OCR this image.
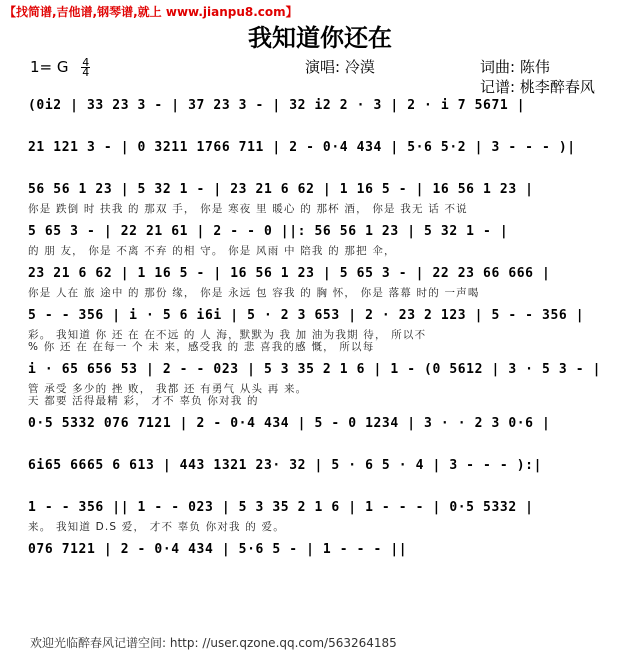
【找简谱,吉他谱,钢琴谱,就上 www.jianpu8.com】
我知道你还在
1= G $\frac{4}{4}$	演唱: 冷漠	词曲: 陈伟
记谱: 桃李醉春风
(0i2 | 33 23 3 - | 37 23 3 - | 32 i2 2 · 3 | 2 · i 7 5671 |
21 121 3 - | 0 3211 1766 711 | 2 - 0·4 434 | 5·6 5·2 | 3 - - - )|
56 56 1 23 | 5 32 1 - | 23 21 6 62 | 1 16 5 - | 16 56 1 23 |
你是 跌倒 时 扶我 的 那双 手， 你是 寒夜 里 暖心 的 那杯 酒， 你是 我无 话 不说
5 65 3 - | 22 21 61 | 2 - - 0 ||: 56 56 1 23 | 5 32 1 - |
的 朋 友， 你是 不离 不弃 的相 守。 你是 风雨 中 陪我 的 那把 伞，
23 21 6 62 | 1 16 5 - | 16 56 1 23 | 5 65 3 - | 22 23 66 666 |
你是 人在 旅 途中 的 那份 缘， 你是 永远 包 容我 的 胸 怀， 你是 落幕 时的 一声喝
5 - - 356 | i · 5 6 i6i | 5 · 2 3 653 | 2 · 23 2 123 | 5 - - 356 |
彩。 我知道 你 还 在 在不远 的 人 海，默默为 我 加 油为我期 待， 所以不
% 你 还 在 在每一 个 未 来，感受我 的 悲 喜我的感 慨， 所以每
i · 65 656 53 | 2 - - 023 | 5 3 35 2 1 6 | 1 - (0 5612 | 3 · 5 3 - |
管 承受 多少的 挫 败， 我都 还 有勇气 从头 再 来。
天 都要 活得最精 彩， 才不 辜负 你对我 的
0·5 5332 076 7121 | 2 - 0·4 434 | 5 - 0 1234 | 3 · · 2 3 0·6 |
6i65 6665 6 613 | 443 1321 23· 32 | 5 · 6 5 · 4 | 3 - - - ):|
1 - - 356 || 1 - - 023 | 5 3 35 2 1 6 | 1 - - - | 0·5 5332 |
来。 我知道 D.S 爱， 才不 辜负 你对我 的 爱。
076 7121 | 2 - 0·4 434 | 5·6 5 - | 1 - - - ||
欢迎光临醉春风记谱空间: http: //user.qzone.qq.com/563264185
